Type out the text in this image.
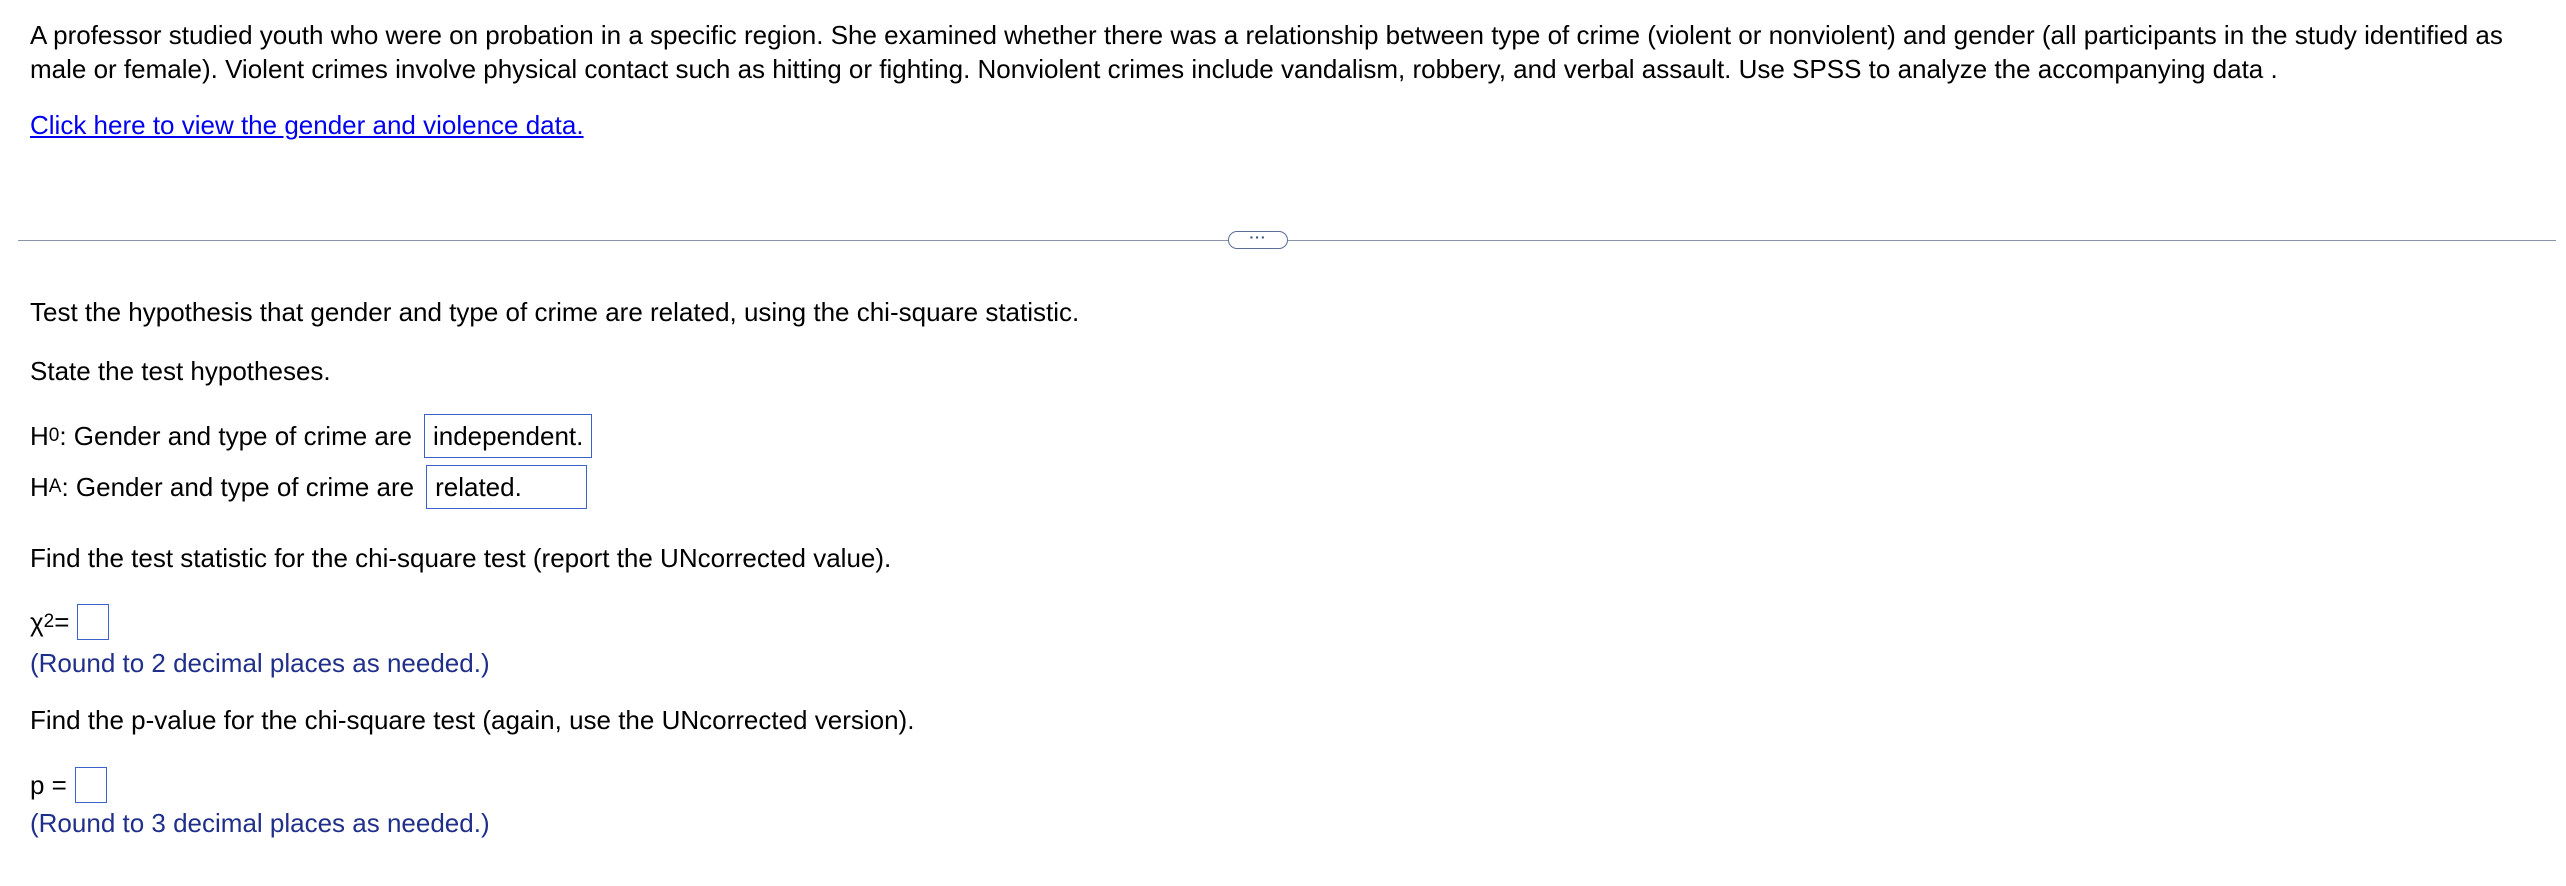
A professor studied youth who were on probation in a specific region. She examined whether there was a relationship between type of crime (violent or nonviolent) and gender (all participants in the study identified as male or female). Violent crimes involve physical contact such as hitting or fighting. Nonviolent crimes include vandalism, robbery, and verbal assault. Use SPSS to analyze the accompanying data .
Click here to view the gender and violence data.
···
Test the hypothesis that gender and type of crime are related, using the chi-square statistic.
State the test hypotheses.
H 0 : Gender and type of crime are independent.
H A : Gender and type of crime are related.
Find the test statistic for the chi-square test (report the UNcorrected value).
χ 2 =
(Round to 2 decimal places as needed.)
Find the p-value for the chi-square test (again, use the UNcorrected version).
p =
(Round to 3 decimal places as needed.)
